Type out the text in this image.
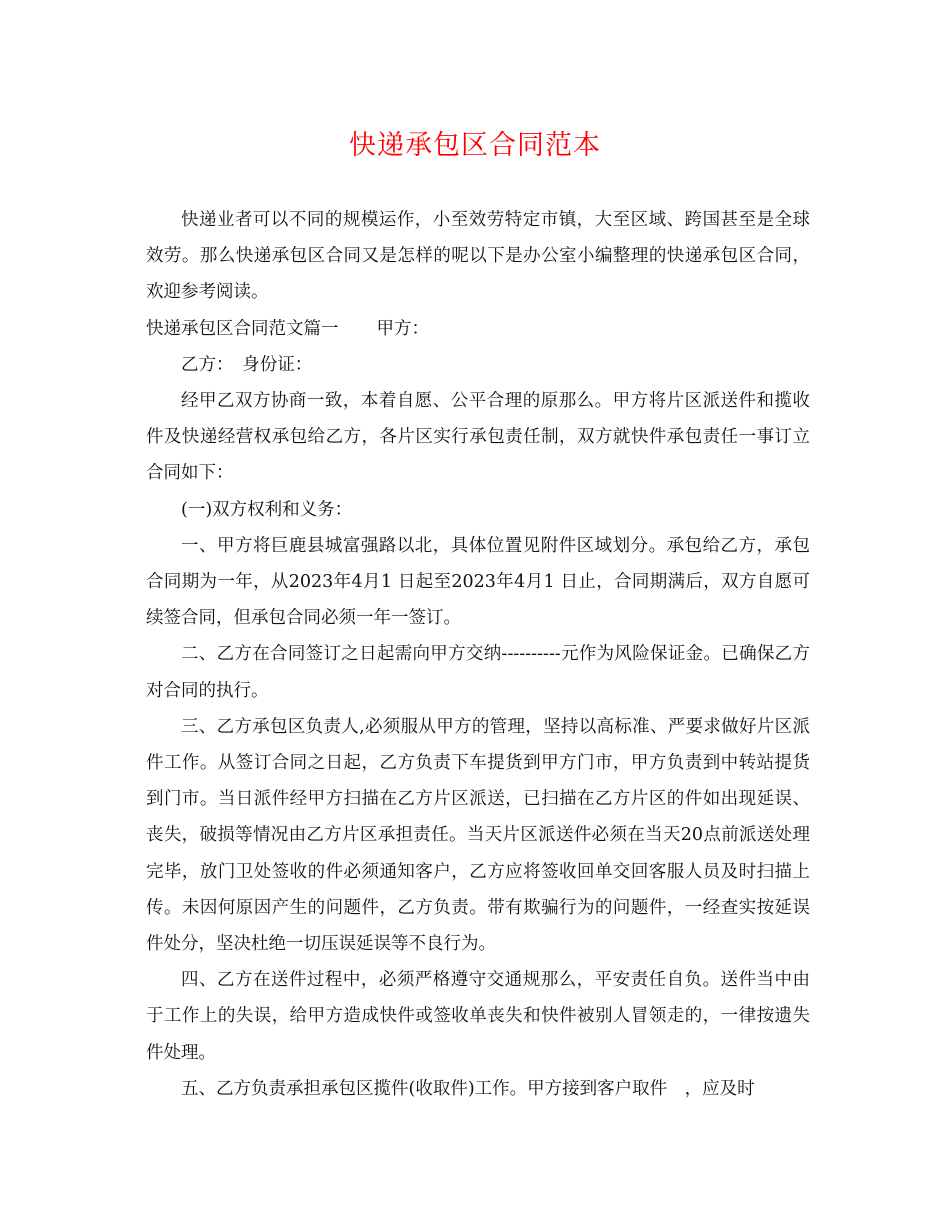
快递承包区合同范本

快递业者可以不同的规模运作，小至效劳特定市镇，大至区域、跨国甚至是全球效劳。那么快递承包区合同又是怎样的呢以下是办公室小编整理的快递承包区合同，欢迎参考阅读。

快递承包区合同范文篇一 甲方：

乙方：　身份证：

经甲乙双方协商一致，本着自愿、公平合理的原那么。甲方将片区派送件和揽收件及快递经营权承包给乙方，各片区实行承包责任制，双方就快件承包责任一事订立合同如下：

(一)双方权利和义务：

一、甲方将巨鹿县城富强路以北，具体位置见附件区域划分。承包给乙方，承包合同期为一年，从2023年4月1 日起至2023年4月1 日止，合同期满后，双方自愿可续签合同，但承包合同必须一年一签订。

二、乙方在合同签订之日起需向甲方交纳----------元作为风险保证金。已确保乙方对合同的执行。

三、乙方承包区负责人,必须服从甲方的管理，坚持以高标准、严要求做好片区派件工作。从签订合同之日起，乙方负责下车提货到甲方门市，甲方负责到中转站提货到门市。当日派件经甲方扫描在乙方片区派送，已扫描在乙方片区的件如出现延误、丧失，破损等情况由乙方片区承担责任。当天片区派送件必须在当天20点前派送处理完毕，放门卫处签收的件必须通知客户，乙方应将签收回单交回客服人员及时扫描上传。未因何原因产生的问题件，乙方负责。带有欺骗行为的问题件，一经查实按延误件处分，坚决杜绝一切压误延误等不良行为。

四、乙方在送件过程中，必须严格遵守交通规那么，平安责任自负。送件当中由于工作上的失误，给甲方造成快件或签收单丧失和快件被别人冒领走的，一律按遗失件处理。

五、乙方负责承担承包区揽件(收取件)工作。甲方接到客户取件　，应及时
